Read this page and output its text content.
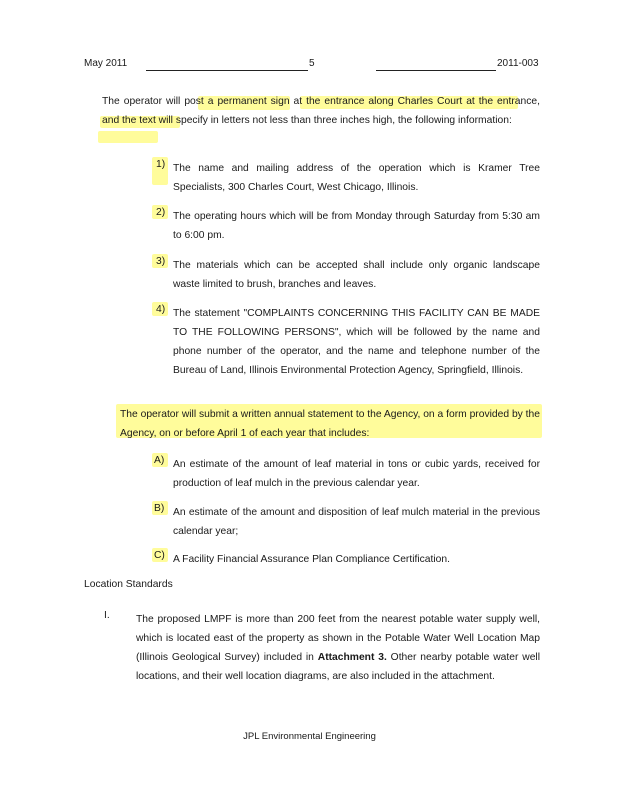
May 2011	5	2011-003
The operator will post a permanent sign at the entrance along Charles Court at the entrance, and the text will specify in letters not less than three inches high, the following information:
1) The name and mailing address of the operation which is Kramer Tree Specialists, 300 Charles Court, West Chicago, Illinois.
2) The operating hours which will be from Monday through Saturday from 5:30 am to 6:00 pm.
3) The materials which can be accepted shall include only organic landscape waste limited to brush, branches and leaves.
4) The statement "COMPLAINTS CONCERNING THIS FACILITY CAN BE MADE TO THE FOLLOWING PERSONS", which will be followed by the name and phone number of the operator, and the name and telephone number of the Bureau of Land, Illinois Environmental Protection Agency, Springfield, Illinois.
The operator will submit a written annual statement to the Agency, on a form provided by the Agency, on or before April 1 of each year that includes:
A) An estimate of the amount of leaf material in tons or cubic yards, received for production of leaf mulch in the previous calendar year.
B) An estimate of the amount and disposition of leaf mulch material in the previous calendar year;
C) A Facility Financial Assurance Plan Compliance Certification.
Location Standards
I.	The proposed LMPF is more than 200 feet from the nearest potable water supply well, which is located east of the property as shown in the Potable Water Well Location Map (Illinois Geological Survey) included in Attachment 3. Other nearby potable water well locations, and their well location diagrams, are also included in the attachment.
JPL Environmental Engineering
